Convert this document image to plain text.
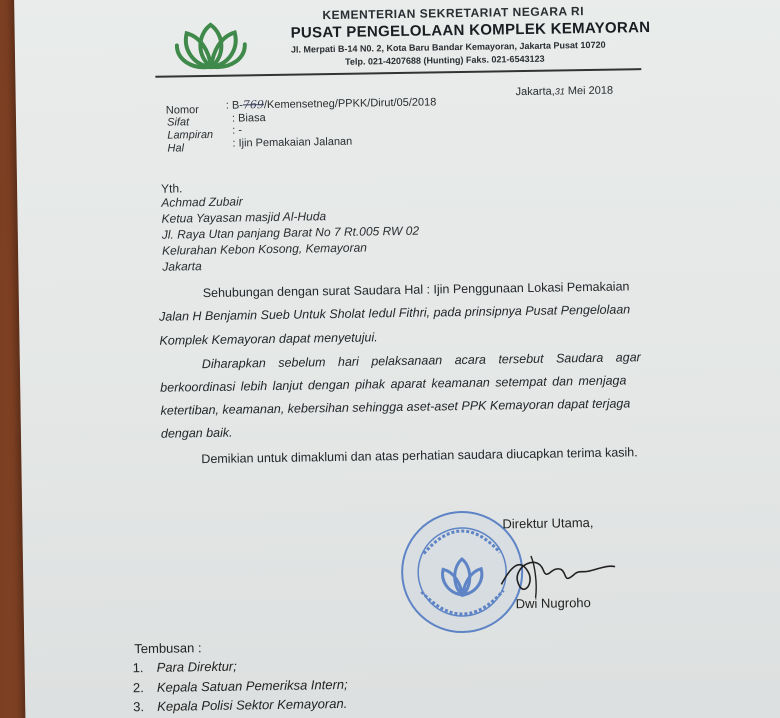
KEMENTERIAN SEKRETARIAT NEGARA RI
PUSAT PENGELOLAAN KOMPLEK KEMAYORAN
Jl. Merpati B-14 N0. 2, Kota Baru Bandar Kemayoran, Jakarta Pusat 10720
Telp. 021-4207688 (Hunting) Faks. 021-6543123
Nomor : B-769/Kemensetneg/PPKK/Dirut/05/2018
Jakarta,31 Mei 2018
Sifat	: Biasa
Lampiran : -
Hal	: Ijin Pemakaian Jalanan
Yth.
Achmad Zubair
Ketua Yayasan masjid Al-Huda
Jl. Raya Utan panjang Barat No 7 Rt.005 RW 02
Kelurahan Kebon Kosong, Kemayoran
Jakarta
Sehubungan dengan surat Saudara Hal : Ijin Penggunaan Lokasi Pemakaian
Jalan H Benjamin Sueb Untuk Sholat Iedul Fithri, pada prinsipnya Pusat Pengelolaan
Komplek Kemayoran dapat menyetujui.
Diharapkan sebelum hari pelaksanaan acara tersebut Saudara agar
berkoordinasi lebih lanjut dengan pihak aparat keamanan setempat dan menjaga
ketertiban, keamanan, kebersihan sehingga aset-aset PPK Kemayoran dapat terjaga
dengan baik.
Demikian untuk dimaklumi dan atas perhatian saudara diucapkan terima kasih.
Direktur Utama,
Dwi Nugroho
Tembusan :
1. Para Direktur;
2. Kepala Satuan Pemeriksa Intern;
3. Kepala Polisi Sektor Kemayoran.
